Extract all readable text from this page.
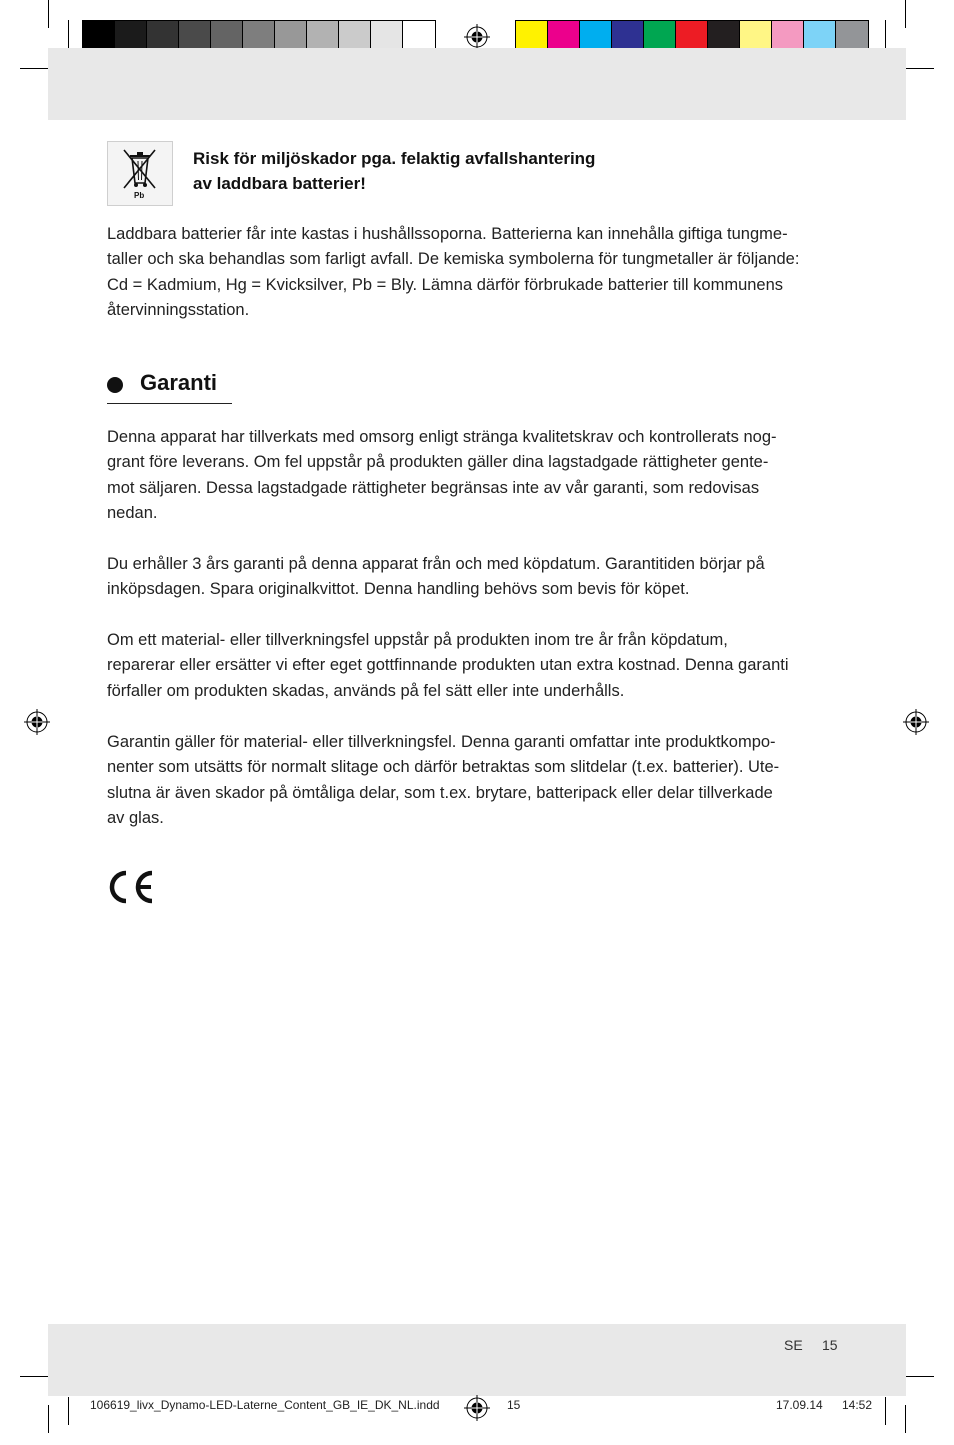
Pb
Risk för miljöskador pga. felaktig avfallshantering
av laddbara batterier!
Laddbara batterier får inte kastas i hushållssoporna. Batterierna kan innehålla giftiga tungme-
taller och ska behandlas som farligt avfall. De kemiska symbolerna för tungmetaller är följande:
Cd = Kadmium, Hg = Kvicksilver, Pb = Bly. Lämna därför förbrukade batterier till kommunens
återvinningsstation.
Garanti
Denna apparat har tillverkats med omsorg enligt stränga kvalitetskrav och kontrollerats nog-
grant före leverans. Om fel uppstår på produkten gäller dina lagstadgade rättigheter gente-
mot säljaren. Dessa lagstadgade rättigheter begränsas inte av vår garanti, som redovisas
nedan.
Du erhåller 3 års garanti på denna apparat från och med köpdatum. Garantitiden börjar på
inköpsdagen. Spara originalkvittot. Denna handling behövs som bevis för köpet.
Om ett material- eller tillverkningsfel uppstår på produkten inom tre år från köpdatum,
reparerar eller ersätter vi efter eget gottfinnande produkten utan extra kostnad. Denna garanti
förfaller om produkten skadas, används på fel sätt eller inte underhålls.
Garantin gäller för material- eller tillverkningsfel. Denna garanti omfattar inte produktkompo-
nenter som utsätts för normalt slitage och därför betraktas som slitdelar (t.ex. batterier). Ute-
slutna är även skador på ömtåliga delar, som t.ex. brytare, batteripack eller delar tillverkade
av glas.
SE 15
106619_livx_Dynamo-LED-Laterne_Content_GB_IE_DK_NL.indd	15	17.09.14 14:52
